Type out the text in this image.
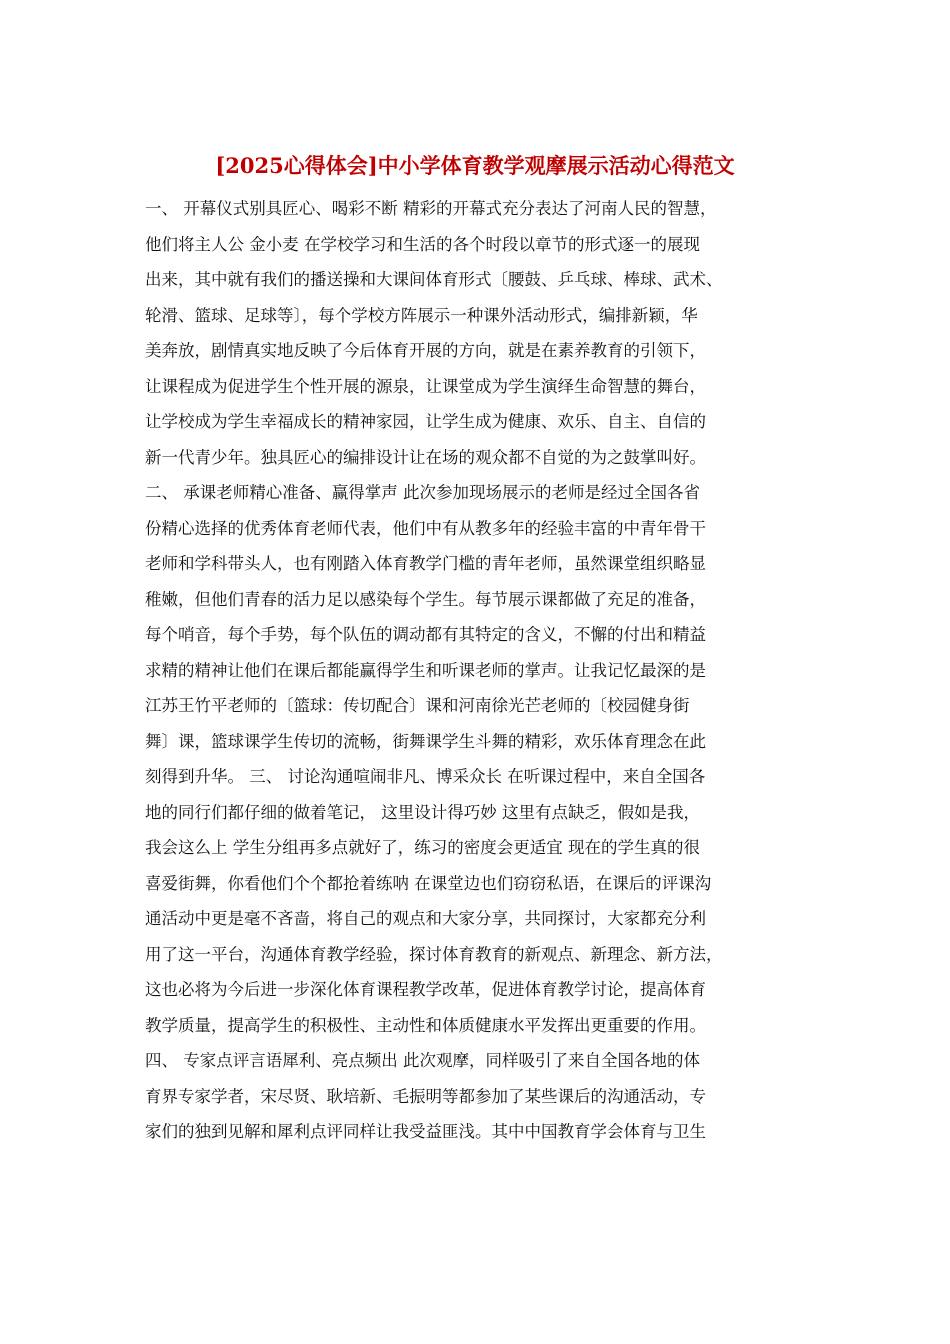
[2025心得体会]中小学体育教学观摩展示活动心得范文
一、 开幕仪式别具匠心、喝彩不断 精彩的开幕式充分表达了河南人民的智慧，
他们将主人公 金小麦 在学校学习和生活的各个时段以章节的形式逐一的展现
出来，其中就有我们的播送操和大课间体育形式〔腰鼓、乒乓球、棒球、武术、
轮滑、篮球、足球等〕，每个学校方阵展示一种课外活动形式，编排新颖，华
美奔放，剧情真实地反映了今后体育开展的方向，就是在素养教育的引领下，
让课程成为促进学生个性开展的源泉，让课堂成为学生演绎生命智慧的舞台，
让学校成为学生幸福成长的精神家园，让学生成为健康、欢乐、自主、自信的
新一代青少年。独具匠心的编排设计让在场的观众都不自觉的为之鼓掌叫好。
二、 承课老师精心准备、赢得掌声 此次参加现场展示的老师是经过全国各省
份精心选择的优秀体育老师代表，他们中有从教多年的经验丰富的中青年骨干
老师和学科带头人，也有刚踏入体育教学门槛的青年老师，虽然课堂组织略显
稚嫩，但他们青春的活力足以感染每个学生。每节展示课都做了充足的准备，
每个哨音，每个手势，每个队伍的调动都有其特定的含义，不懈的付出和精益
求精的精神让他们在课后都能赢得学生和听课老师的掌声。让我记忆最深的是
江苏王竹平老师的〔篮球：传切配合〕课和河南徐光芒老师的〔校园健身街
舞〕课，篮球课学生传切的流畅，街舞课学生斗舞的精彩，欢乐体育理念在此
刻得到升华。 三、 讨论沟通喧闹非凡、博采众长 在听课过程中，来自全国各
地的同行们都仔细的做着笔记， 这里设计得巧妙 这里有点缺乏，假如是我，
我会这么上 学生分组再多点就好了，练习的密度会更适宜 现在的学生真的很
喜爱街舞，你看他们个个都抢着练呐 在课堂边也们窃窃私语，在课后的评课沟
通活动中更是毫不吝啬，将自己的观点和大家分享，共同探讨，大家都充分利
用了这一平台，沟通体育教学经验，探讨体育教育的新观点、新理念、新方法，
这也必将为今后进一步深化体育课程教学改革，促进体育教学讨论，提高体育
教学质量，提高学生的积极性、主动性和体质健康水平发挥出更重要的作用。
四、 专家点评言语犀利、亮点频出 此次观摩，同样吸引了来自全国各地的体
育界专家学者，宋尽贤、耿培新、毛振明等都参加了某些课后的沟通活动，专
家们的独到见解和犀利点评同样让我受益匪浅。其中中国教育学会体育与卫生
